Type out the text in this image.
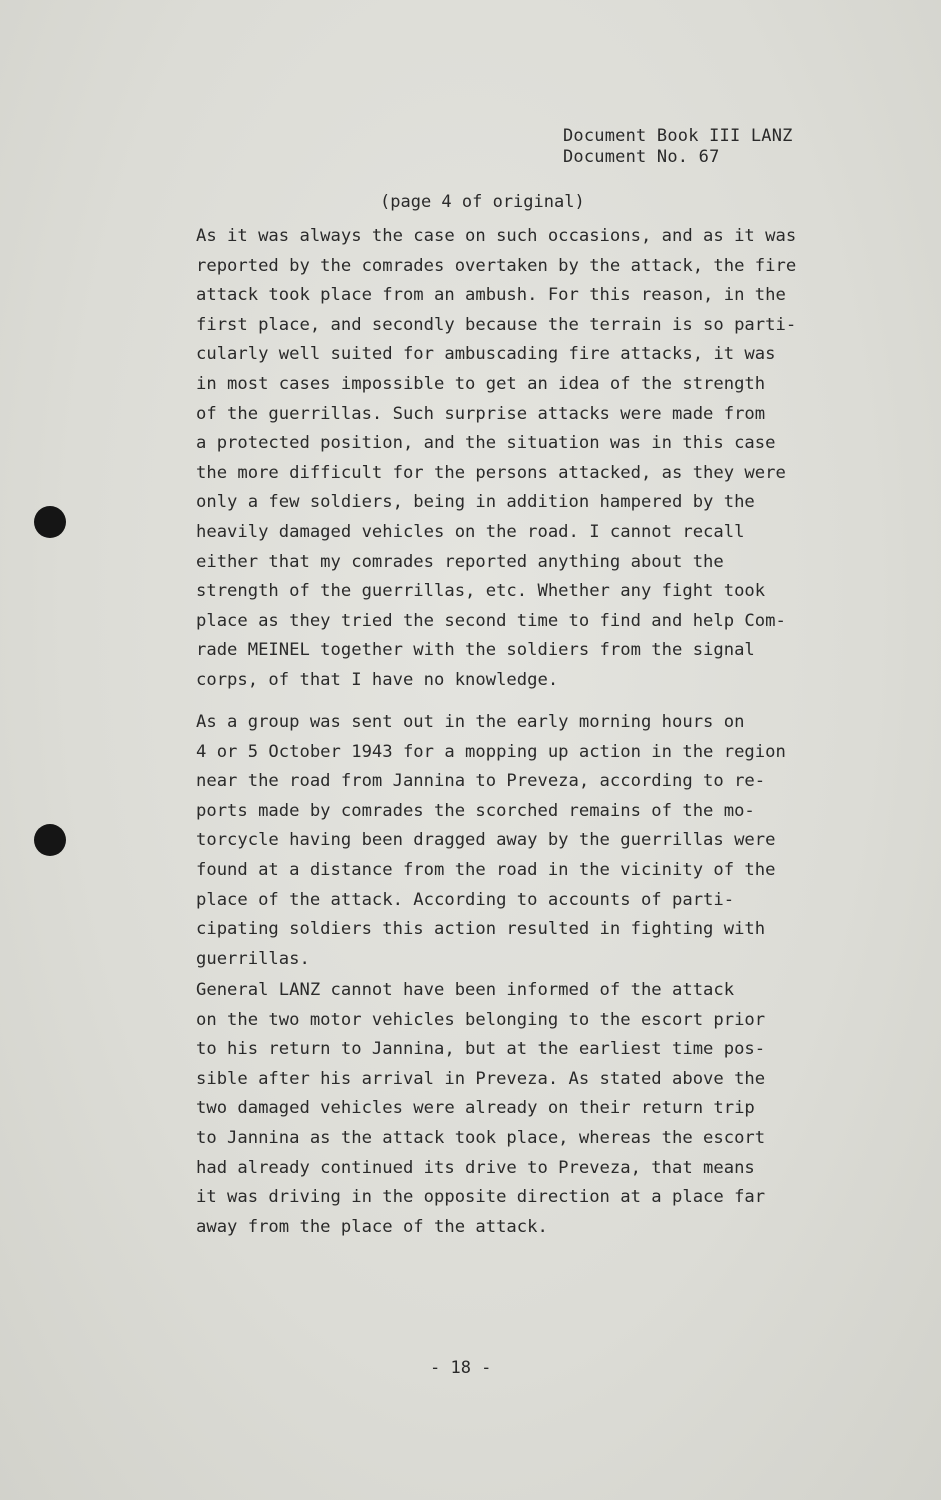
Document Book III LANZ
Document No. 67
(page 4 of original)
As it was always the case on such occasions, and as it was
reported by the comrades overtaken by the attack, the fire
attack took place from an ambush. For this reason, in the
first place, and secondly because the terrain is so parti-
cularly well suited for ambuscading fire attacks, it was
in most cases impossible to get an idea of the strength
of the guerrillas. Such surprise attacks were made from
a protected position, and the situation was in this case
the more difficult for the persons attacked, as they were
only a few soldiers, being in addition hampered by the
heavily damaged vehicles on the road. I cannot recall
either that my comrades reported anything about the
strength of the guerrillas, etc. Whether any fight took
place as they tried the second time to find and help Com-
rade MEINEL together with the soldiers from the signal
corps, of that I have no knowledge.
As a group was sent out in the early morning hours on
4 or 5 October 1943 for a mopping up action in the region
near the road from Jannina to Preveza, according to re-
ports made by comrades the scorched remains of the mo-
torcycle having been dragged away by the guerrillas were
found at a distance from the road in the vicinity of the
place of the attack. According to accounts of parti-
cipating soldiers this action resulted in fighting with
guerrillas.
General LANZ cannot have been informed of the attack
on the two motor vehicles belonging to the escort prior
to his return to Jannina, but at the earliest time pos-
sible after his arrival in Preveza. As stated above the
two damaged vehicles were already on their return trip
to Jannina as the attack took place, whereas the escort
had already continued its drive to Preveza, that means
it was driving in the opposite direction at a place far
away from the place of the attack.
- 18 -
